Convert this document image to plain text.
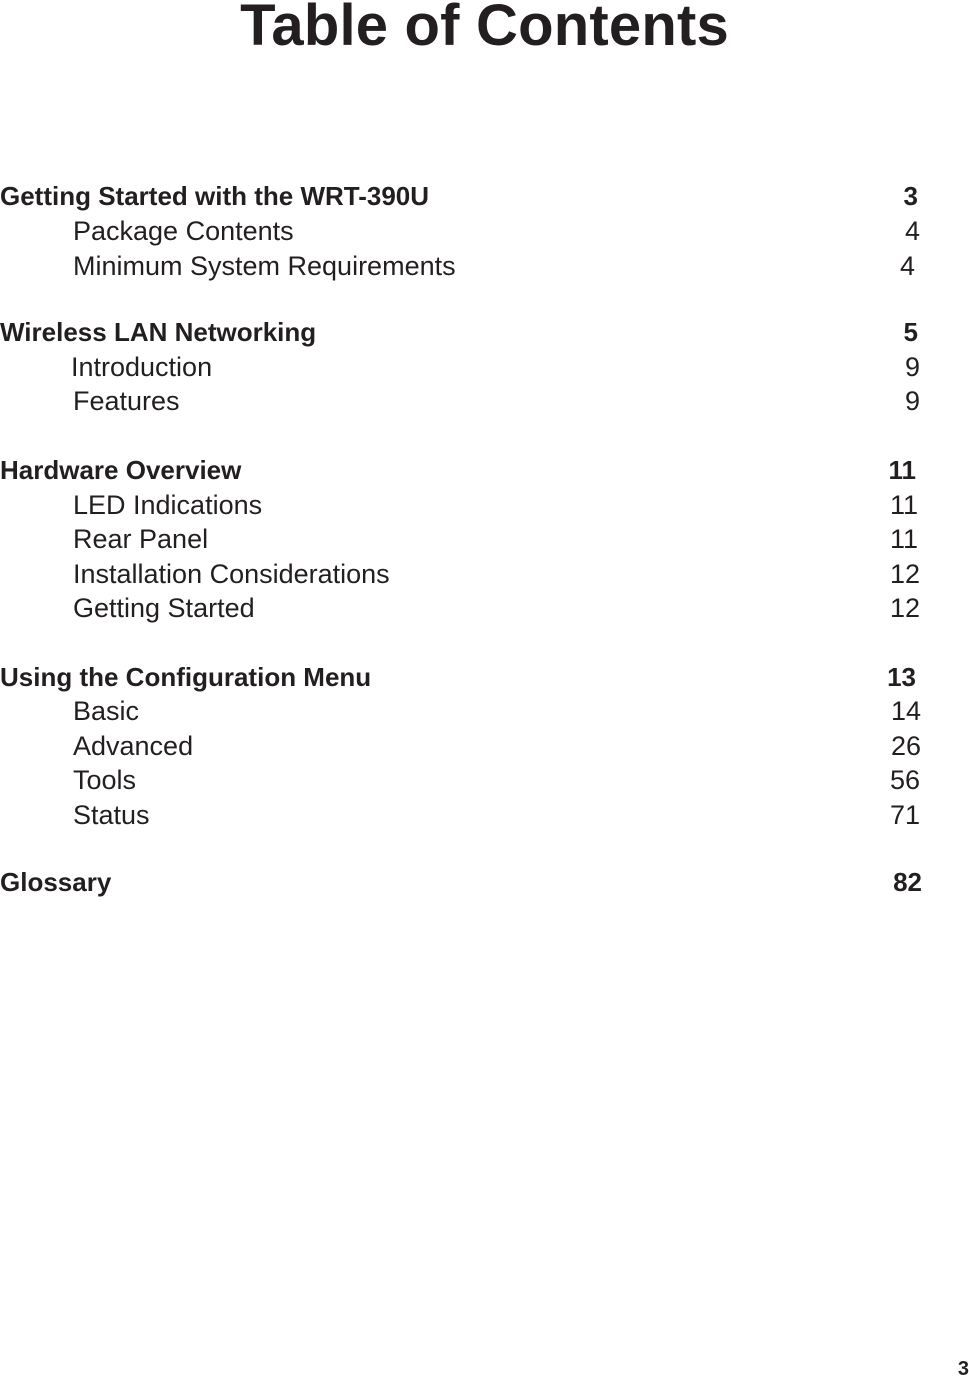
Table of Contents
Getting Started with the WRT-390U	3
Package Contents	4
Minimum System Requirements	4
Wireless LAN Networking	5
Introduction	9
Features	9
Hardware Overview	11
LED Indications	11
Rear Panel	11
Installation Considerations	12
Getting Started	12
Using the Configuration Menu	13
Basic	14
Advanced	26
Tools	56
Status	71
Glossary	82
3
